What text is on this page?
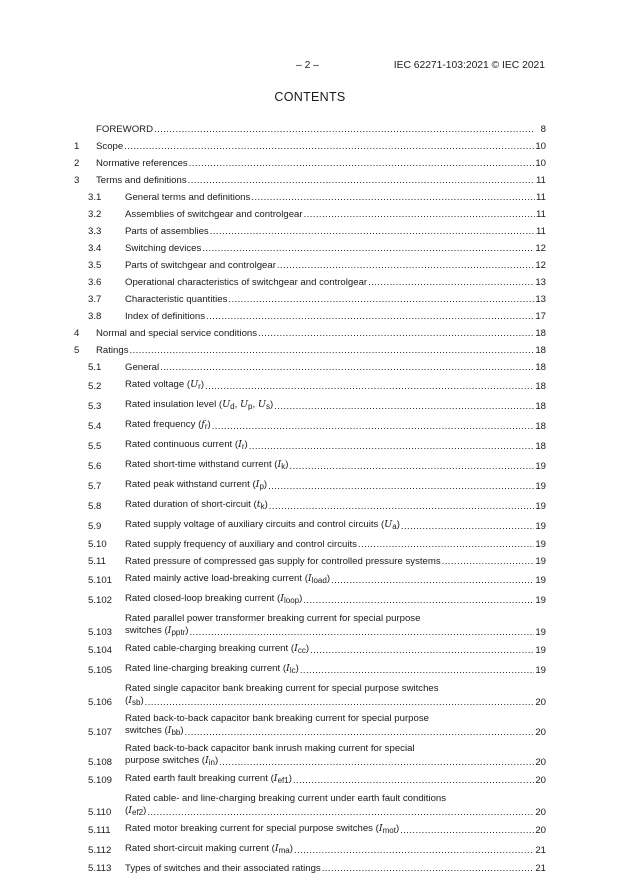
– 2 –	IEC 62271-103:2021 © IEC 2021
CONTENTS
FOREWORD .....	8
1	Scope .....	10
2	Normative references .....	10
3	Terms and definitions .....	11
3.1 General terms and definitions .....	11
3.2 Assemblies of switchgear and controlgear .....	11
3.3 Parts of assemblies .....	11
3.4 Switching devices .....	12
3.5 Parts of switchgear and controlgear .....	12
3.6 Operational characteristics of switchgear and controlgear .....	13
3.7 Characteristic quantities .....	13
3.8 Index of definitions .....	17
4	Normal and special service conditions .....	18
5	Ratings .....	18
5.1 General .....	18
5.2 Rated voltage $(U_r)$ .....	18
5.3 Rated insulation level ($U_d$, $U_p$, $U_s$) .....	18
5.4 Rated frequency $(f_r)$ .....	18
5.5 Rated continuous current $(I_r)$ .....	18
5.6 Rated short-time withstand current $(I_k)$ .....	19
5.7 Rated peak withstand current $(I_p)$ .....	19
5.8 Rated duration of short-circuit $(t_k)$ .....	19
5.9 Rated supply voltage of auxiliary circuits and control circuits $(U_a)$ .....	19
5.10 Rated supply frequency of auxiliary and control circuits .....	19
5.11 Rated pressure of compressed gas supply for controlled pressure systems .....	19
5.101 Rated mainly active load-breaking current $(I_{load})$ .....	19
5.102 Rated closed-loop breaking current $(I_{loop})$ .....	19
5.103
Rated parallel power transformer breaking current for special purpose
switches $(I_{pptr})$ .....	19
5.104 Rated cable-charging breaking current $(I_{cc})$ .....	19
5.105 Rated line-charging breaking current $(I_{lc})$ .....	19
5.106
Rated single capacitor bank breaking current for special purpose switches
$(I_{sb})$ .....	20
5.107
Rated back-to-back capacitor bank breaking current for special purpose
switches $(I_{bb})$ .....	20
5.108
Rated back-to-back capacitor bank inrush making current for special
purpose switches $(I_{in})$ .....	20
5.109 Rated earth fault breaking current $(I_{ef1})$ .....	20
5.110
Rated cable- and line-charging breaking current under earth fault conditions
$(I_{ef2})$ .....	20
5.111 Rated motor breaking current for special purpose switches $(I_{mot})$ .....	20
5.112 Rated short-circuit making current $(I_{ma})$ .....	21
5.113 Types of switches and their associated ratings .....	21
